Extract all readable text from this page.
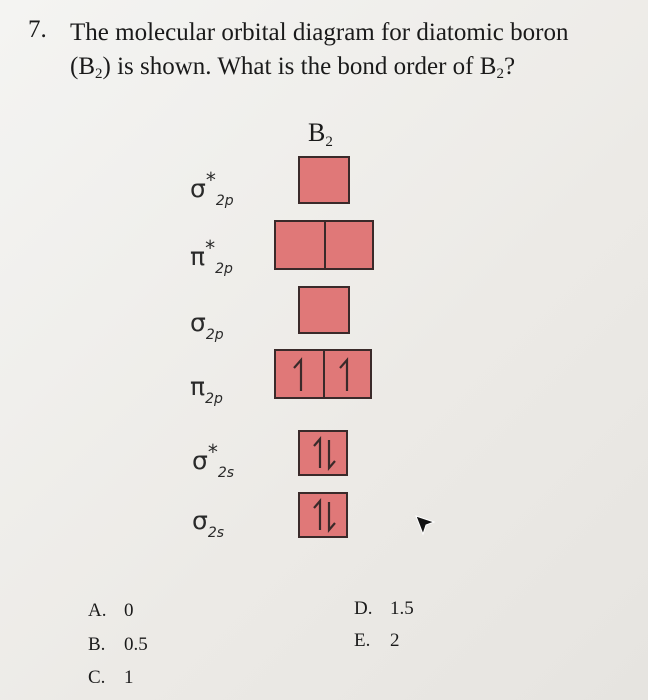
7. The molecular orbital diagram for diatomic boron
$(B_2)$ is shown. What is the bond order of $B_2$?
$B_2$
$\sigma^*_{2p}$
$\pi^*_{2p}$
$\sigma_{2p}$
$\pi_{2p}$
$\sigma^*_{2s}$
$\sigma_{2s}$
A. 0
B. 0.5
C. 1
D. 1.5
E. 2
